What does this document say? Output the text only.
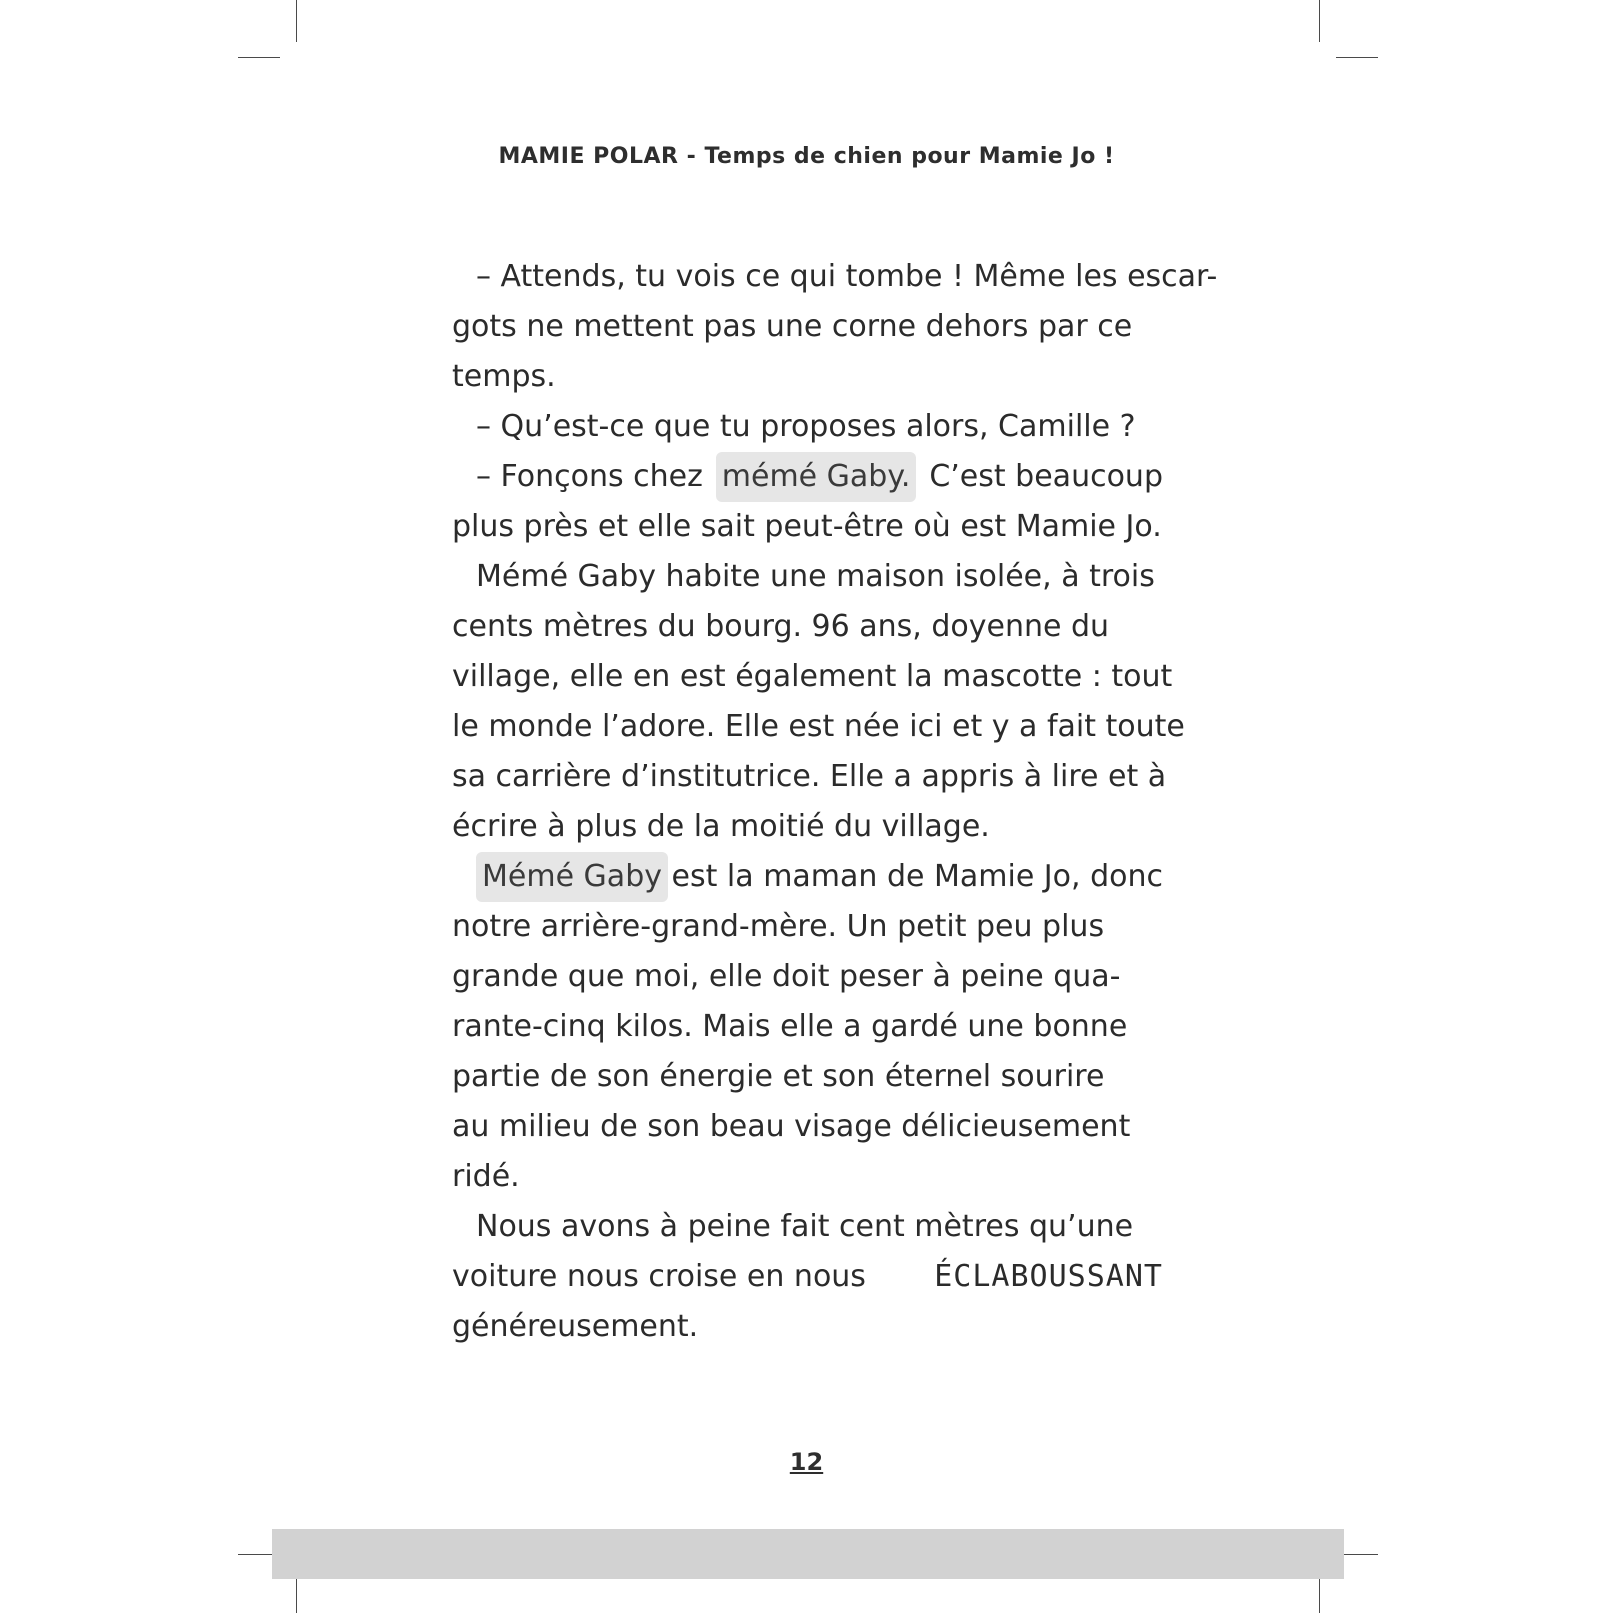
MAMIE POLAR - Temps de chien pour Mamie Jo !
– Attends, tu vois ce qui tombe ! Même les escar-
gots ne mettent pas une corne dehors par ce
temps.
– Qu’est-ce que tu proposes alors, Camille ?
– Fonçons chez mémé Gaby. C’est beaucoup
plus près et elle sait peut-être où est Mamie Jo.
Mémé Gaby habite une maison isolée, à trois
cents mètres du bourg. 96 ans, doyenne du
village, elle en est également la mascotte : tout
le monde l’adore. Elle est née ici et y a fait toute
sa carrière d’institutrice. Elle a appris à lire et à
écrire à plus de la moitié du village.
Mémé Gaby est la maman de Mamie Jo, donc
notre arrière-grand-mère. Un petit peu plus
grande que moi, elle doit peser à peine qua-
rante-cinq kilos. Mais elle a gardé une bonne
partie de son énergie et son éternel sourire
au milieu de son beau visage délicieusement
ridé.
Nous avons à peine fait cent mètres qu’une
voiture nous croise en nous ÉCLABOUSSANT
généreusement.
12
